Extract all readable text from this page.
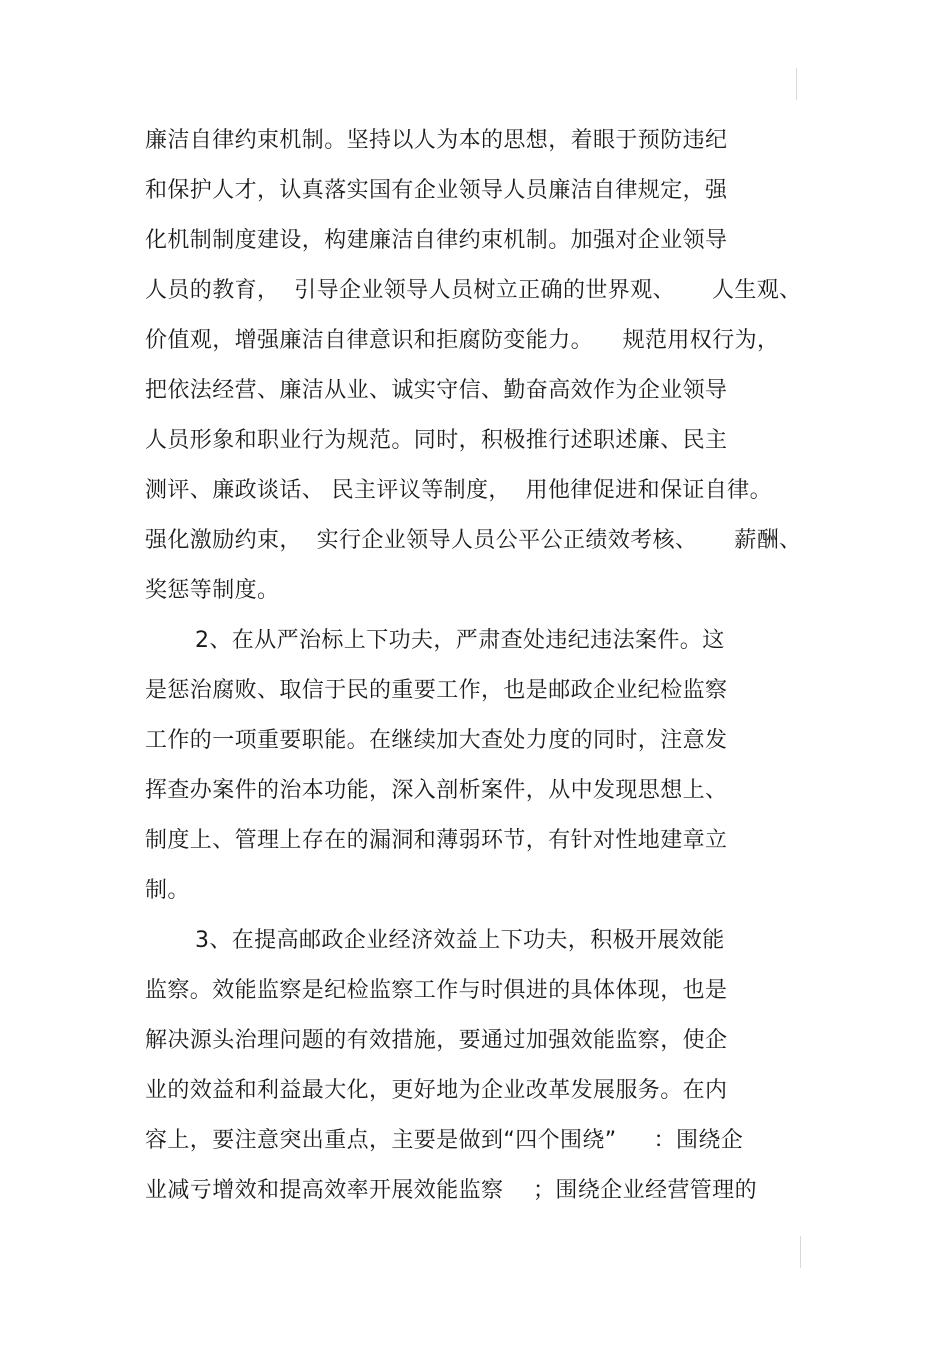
廉洁自律约束机制。坚持以人为本的思想，着眼于预防违纪
和保护人才，认真落实国有企业领导人员廉洁自律规定，强
化机制制度建设，构建廉洁自律约束机制。加强对企业领导
人员的教育，  引导企业领导人员树立正确的世界观、     人生观、
价值观，增强廉洁自律意识和拒腐防变能力。    规范用权行为，
把依法经营、廉洁从业、诚实守信、勤奋高效作为企业领导
人员形象和职业行为规范。同时，积极推行述职述廉、民主
测评、廉政谈话、 民主评议等制度，  用他律促进和保证自律。
强化激励约束，  实行企业领导人员公平公正绩效考核、     薪酬、
奖惩等制度。
2、在从严治标上下功夫，严肃查处违纪违法案件。这
是惩治腐败、取信于民的重要工作，也是邮政企业纪检监察
工作的一项重要职能。在继续加大查处力度的同时，注意发
挥查办案件的治本功能，深入剖析案件，从中发现思想上、
制度上、管理上存在的漏洞和薄弱环节，有针对性地建章立
制。
3、在提高邮政企业经济效益上下功夫，积极开展效能
监察。效能监察是纪检监察工作与时俱进的具体体现，也是
解决源头治理问题的有效措施，要通过加强效能监察，使企
业的效益和利益最大化，更好地为企业改革发展服务。在内
容上，要注意突出重点，主要是做到“四个围绕”     ：围绕企
业减亏增效和提高效率开展效能监察    ；围绕企业经营管理的
